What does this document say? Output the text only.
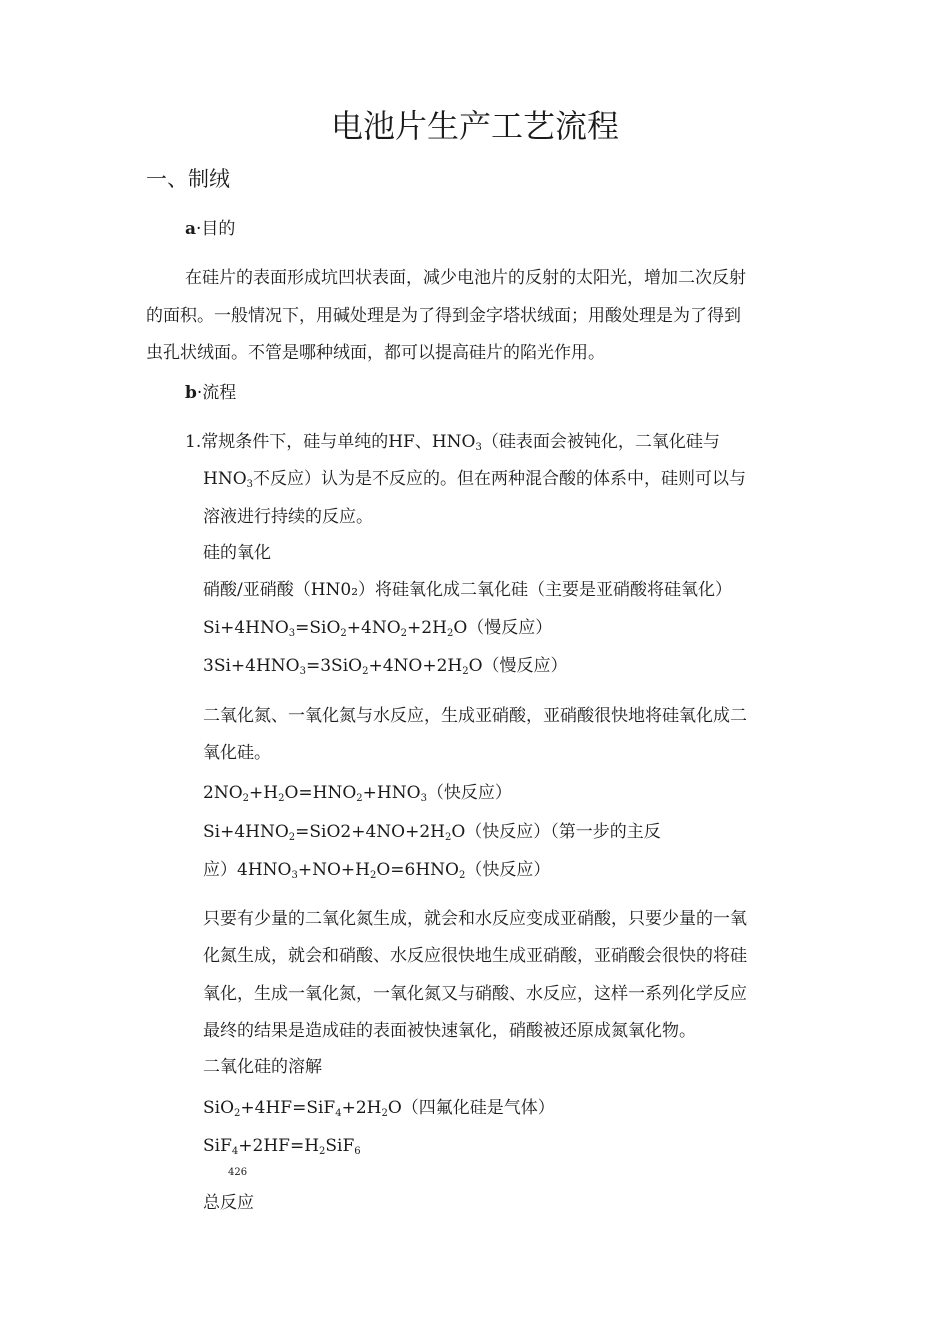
电池片生产工艺流程
一、制绒
a·目的
在硅片的表面形成坑凹状表面，减少电池片的反射的太阳光，增加二次反射
的面积。一般情况下，用碱处理是为了得到金字塔状绒面；用酸处理是为了得到
虫孔状绒面。不管是哪种绒面，都可以提高硅片的陷光作用。
b·流程
1.常规条件下，硅与单纯的HF、$HNO_3$（硅表面会被钝化，二氧化硅与
$HNO_3$不反应）认为是不反应的。但在两种混合酸的体系中，硅则可以与
溶液进行持续的反应。
硅的氧化
硝酸/亚硝酸（HN0₂）将硅氧化成二氧化硅（主要是亚硝酸将硅氧化）
$Si+4HNO_3=SiO_2+4NO_2+2H_2O$（慢反应）
$3Si+4HNO_3=3SiO_2+4NO+2H_2O$（慢反应）
二氧化氮、一氧化氮与水反应，生成亚硝酸，亚硝酸很快地将硅氧化成二
氧化硅。
$2NO_2+H_2O=HNO_2+HNO_3$（快反应）
$Si+4HNO_2=SiO2+4NO+2H_2O$（快反应）（第一步的主反
应）$4HNO_3+NO+H_2O=6HNO_2$（快反应）
只要有少量的二氧化氮生成，就会和水反应变成亚硝酸，只要少量的一氧
化氮生成，就会和硝酸、水反应很快地生成亚硝酸，亚硝酸会很快的将硅
氧化，生成一氧化氮，一氧化氮又与硝酸、水反应，这样一系列化学反应
最终的结果是造成硅的表面被快速氧化，硝酸被还原成氮氧化物。
二氧化硅的溶解
$SiO_2+4HF=SiF_4+2H_2O$（四氟化硅是气体）
$SiF_4+2HF=H_2SiF_6$
426
总反应
